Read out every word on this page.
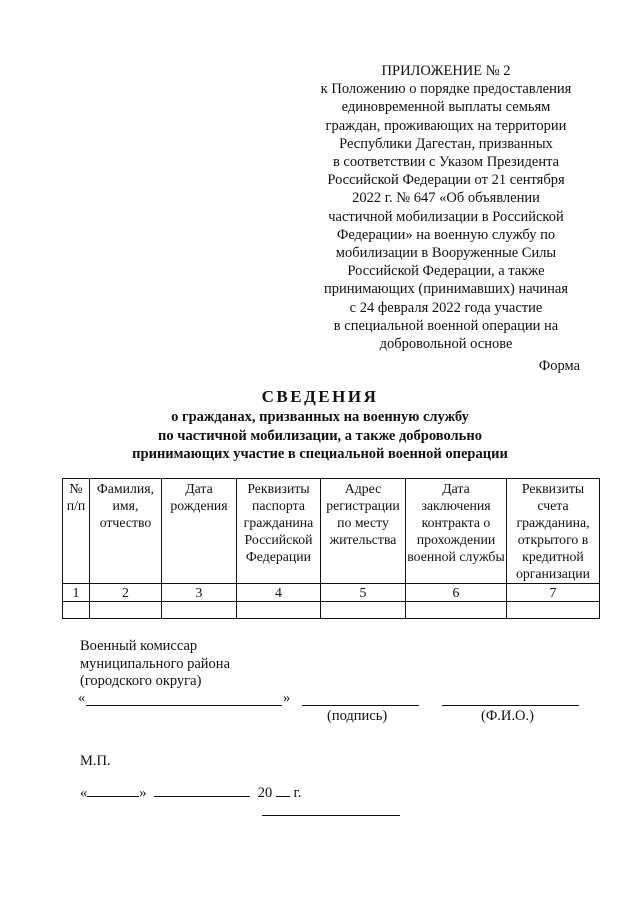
ПРИЛОЖЕНИЕ № 2
к Положению о порядке предоставления
единовременной выплаты семьям
граждан, проживающих на территории
Республики Дагестан, призванных
в соответствии с Указом Президента
Российской Федерации от 21 сентября
2022 г. № 647 «Об объявлении
частичной мобилизации в Российской
Федерации» на военную службу по
мобилизации в Вооруженные Силы
Российской Федерации, а также
принимающих (принимавших) начиная
с 24 февраля 2022 года участие
в специальной военной операции на
добровольной основе
Форма
СВЕДЕНИЯ
о гражданах, призванных на военную службу
по частичной мобилизации, а также добровольно
принимающих участие в специальной военной операции
№ п/п	Фамилия, имя, отчество	Дата рождения	Реквизиты паспорта гражданина Российской Федерации	Адрес регистрации по месту жительства	Дата заключения контракта о прохождении военной службы	Реквизиты счета гражданина, открытого в кредитной организации
1	2	3	4	5	6	7

Военный комиссар
муниципального района
(городского округа)
«	»
(подпись)	(Ф.И.О.)
М.П.
«	»	20 г.
